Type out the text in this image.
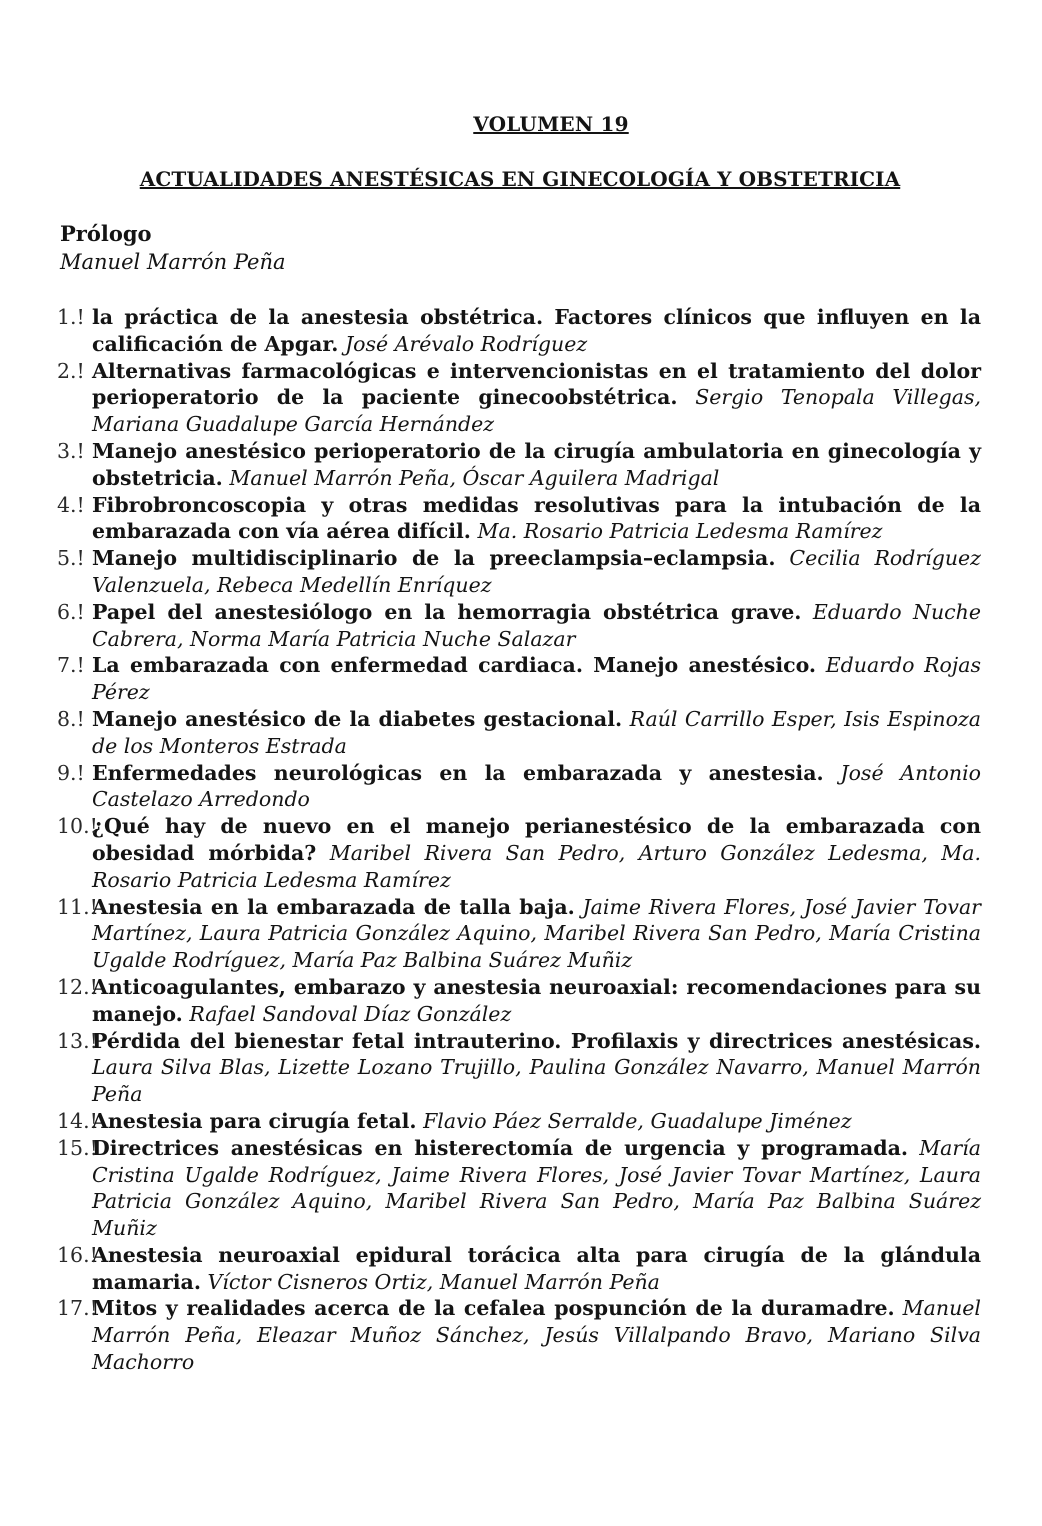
VOLUMEN 19
ACTUALIDADES ANESTÉSICAS EN GINECOLOGÍA Y OBSTETRICIA
Prólogo
Manuel Marrón Peña
1.! la práctica de la anestesia obstétrica. Factores clínicos que influyen en la calificación de Apgar. José Arévalo Rodríguez
2.! Alternativas farmacológicas e intervencionistas en el tratamiento del dolor perioperatorio de la paciente ginecoobstétrica. Sergio Tenopala Villegas, Mariana Guadalupe García Hernández
3.! Manejo anestésico perioperatorio de la cirugía ambulatoria en ginecología y obstetricia. Manuel Marrón Peña, Óscar Aguilera Madrigal
4.! Fibrobroncoscopia y otras medidas resolutivas para la intubación de la embarazada con vía aérea difícil. Ma. Rosario Patricia Ledesma Ramírez
5.! Manejo multidisciplinario de la preeclampsia–eclampsia. Cecilia Rodríguez Valenzuela, Rebeca Medellín Enríquez
6.! Papel del anestesiólogo en la hemorragia obstétrica grave. Eduardo Nuche Cabrera, Norma María Patricia Nuche Salazar
7.! La embarazada con enfermedad cardiaca. Manejo anestésico. Eduardo Rojas Pérez
8.! Manejo anestésico de la diabetes gestacional. Raúl Carrillo Esper, Isis Espinoza de los Monteros Estrada
9.! Enfermedades neurológicas en la embarazada y anestesia. José Antonio Castelazo Arredondo
10.!
¿Qué hay de nuevo en el manejo perianestésico de la embarazada con obesidad mórbida? Maribel Rivera San Pedro, Arturo González Ledesma, Ma. Rosario Patricia Ledesma Ramírez
11.!
Anestesia en la embarazada de talla baja. Jaime Rivera Flores, José Javier Tovar Martínez, Laura Patricia González Aquino, Maribel Rivera San Pedro, María Cristina Ugalde Rodríguez, María Paz Balbina Suárez Muñiz
12.!
Anticoagulantes, embarazo y anestesia neuroaxial: recomendaciones para su manejo. Rafael Sandoval Díaz González
13.!
Pérdida del bienestar fetal intrauterino. Profilaxis y directrices anestésicas. Laura Silva Blas, Lizette Lozano Trujillo, Paulina González Navarro, Manuel Marrón Peña
14.!
Anestesia para cirugía fetal. Flavio Páez Serralde, Guadalupe Jiménez
15.!
Directrices anestésicas en histerectomía de urgencia y programada. María Cristina Ugalde Rodríguez, Jaime Rivera Flores, José Javier Tovar Martínez, Laura Patricia González Aquino, Maribel Rivera San Pedro, María Paz Balbina Suárez Muñiz
16.!
Anestesia neuroaxial epidural torácica alta para cirugía de la glándula mamaria. Víctor Cisneros Ortiz, Manuel Marrón Peña
17.!
Mitos y realidades acerca de la cefalea pospunción de la duramadre. Manuel Marrón Peña, Eleazar Muñoz Sánchez, Jesús Villalpando Bravo, Mariano Silva Machorro
